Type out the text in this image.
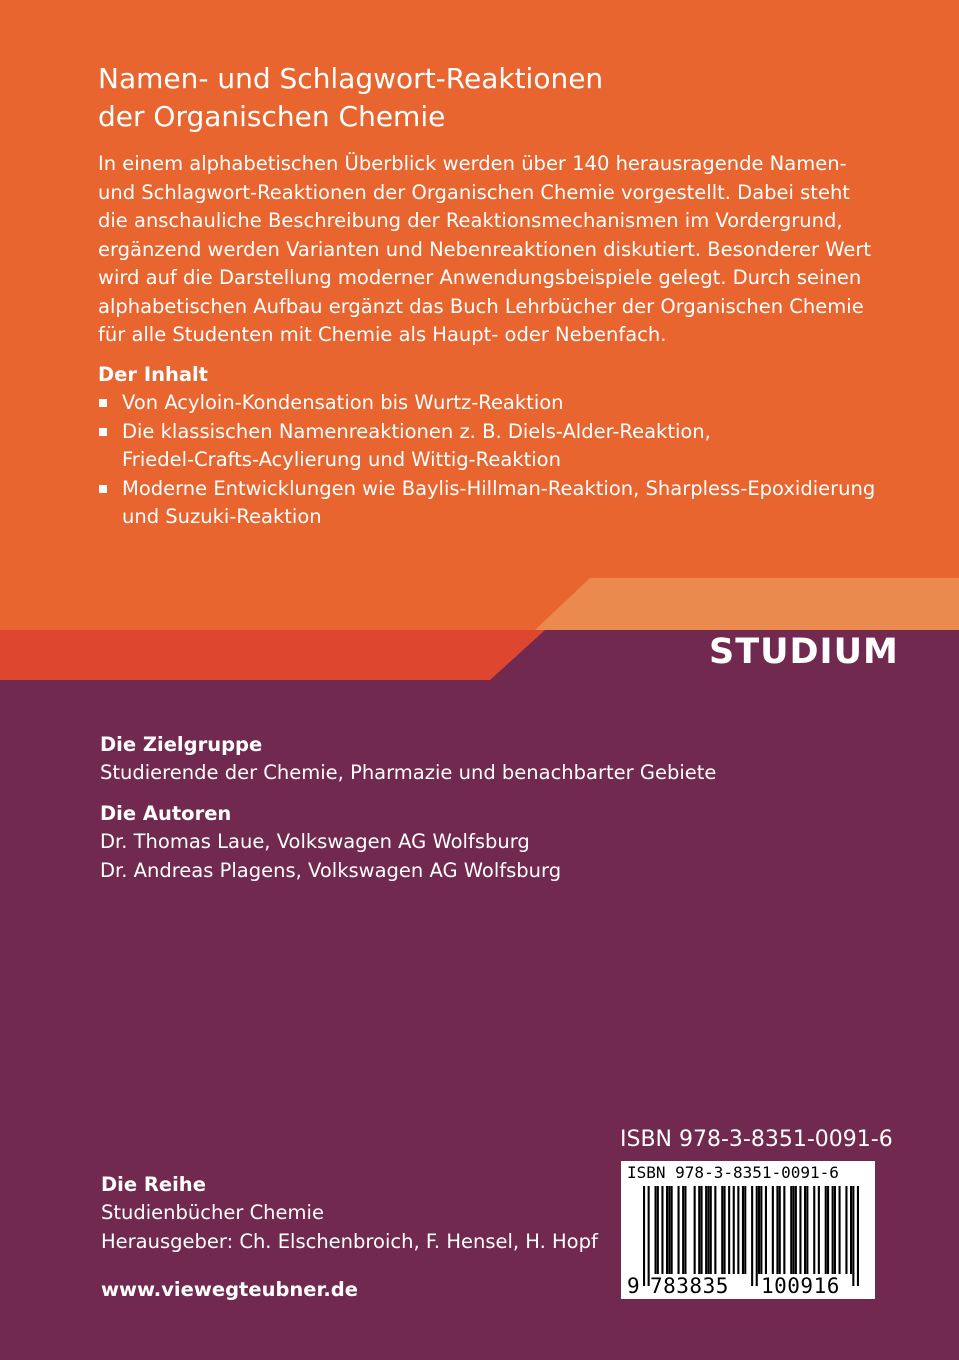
Namen- und Schlagwort-Reaktionen
der Organischen Chemie
In einem alphabetischen Überblick werden über 140 herausragende Namen-
und Schlagwort-Reaktionen der Organischen Chemie vorgestellt. Dabei steht
die anschauliche Beschreibung der Reaktionsmechanismen im Vordergrund,
ergänzend werden Varianten und Nebenreaktionen diskutiert. Besonderer Wert
wird auf die Darstellung moderner Anwendungsbeispiele gelegt. Durch seinen
alphabetischen Aufbau ergänzt das Buch Lehrbücher der Organischen Chemie
für alle Studenten mit Chemie als Haupt- oder Nebenfach.
Der Inhalt
Von Acyloin-Kondensation bis Wurtz-Reaktion
Die klassischen Namenreaktionen z. B. Diels-Alder-Reaktion,
Friedel-Crafts-Acylierung und Wittig-Reaktion
Moderne Entwicklungen wie Baylis-Hillman-Reaktion, Sharpless-Epoxidierung
und Suzuki-Reaktion
STUDIUM
Die Zielgruppe
Studierende der Chemie, Pharmazie und benachbarter Gebiete
Die Autoren
Dr. Thomas Laue, Volkswagen AG Wolfsburg
Dr. Andreas Plagens, Volkswagen AG Wolfsburg
ISBN 978-3-8351-0091-6
ISBN 978-3-8351-0091-6
9 783835 100916
Die Reihe
Studienbücher Chemie
Herausgeber: Ch. Elschenbroich, F. Hensel, H. Hopf
www.viewegteubner.de
